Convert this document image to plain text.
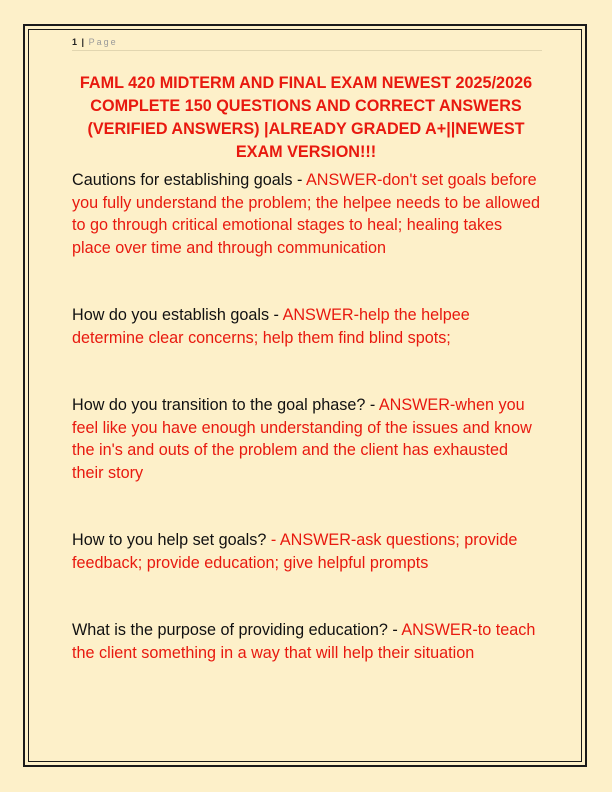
1 | Page
FAML 420 MIDTERM AND FINAL EXAM NEWEST 2025/2026 COMPLETE 150 QUESTIONS AND CORRECT ANSWERS (VERIFIED ANSWERS) |ALREADY GRADED A+||NEWEST EXAM VERSION!!!

Cautions for establishing goals - ANSWER-don't set goals before you fully understand the problem; the helpee needs to be allowed to go through critical emotional stages to heal; healing takes place over time and through communication

How do you establish goals - ANSWER-help the helpee determine clear concerns; help them find blind spots;

How do you transition to the goal phase? - ANSWER-when you feel like you have enough understanding of the issues and know the in's and outs of the problem and the client has exhausted their story

How to you help set goals? - ANSWER-ask questions; provide feedback; provide education; give helpful prompts

What is the purpose of providing education? - ANSWER-to teach the client something in a way that will help their situation
